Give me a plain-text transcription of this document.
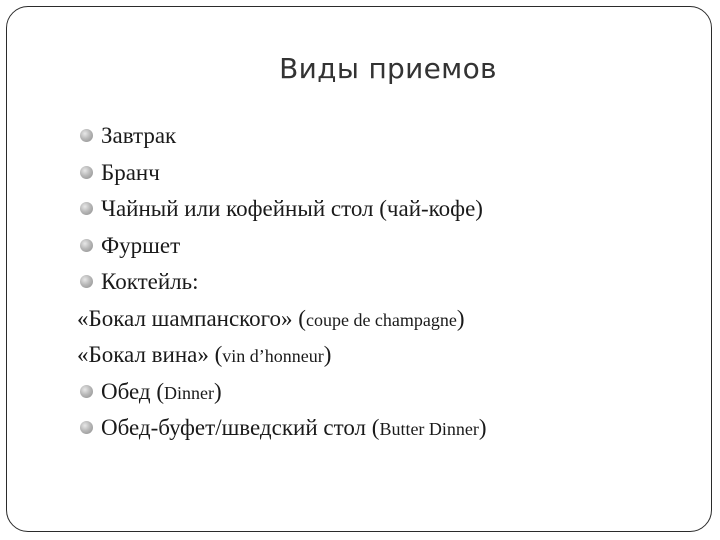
Виды приемов
Завтрак
Бранч
Чайный или кофейный стол (чай-кофе)
Фуршет
Коктейль:
«Бокал шампанского» (coupe de champagne)
«Бокал вина» (vin d’honneur)
Обед (Dinner)
Обед-буфет/шведский стол (Butter Dinner)
